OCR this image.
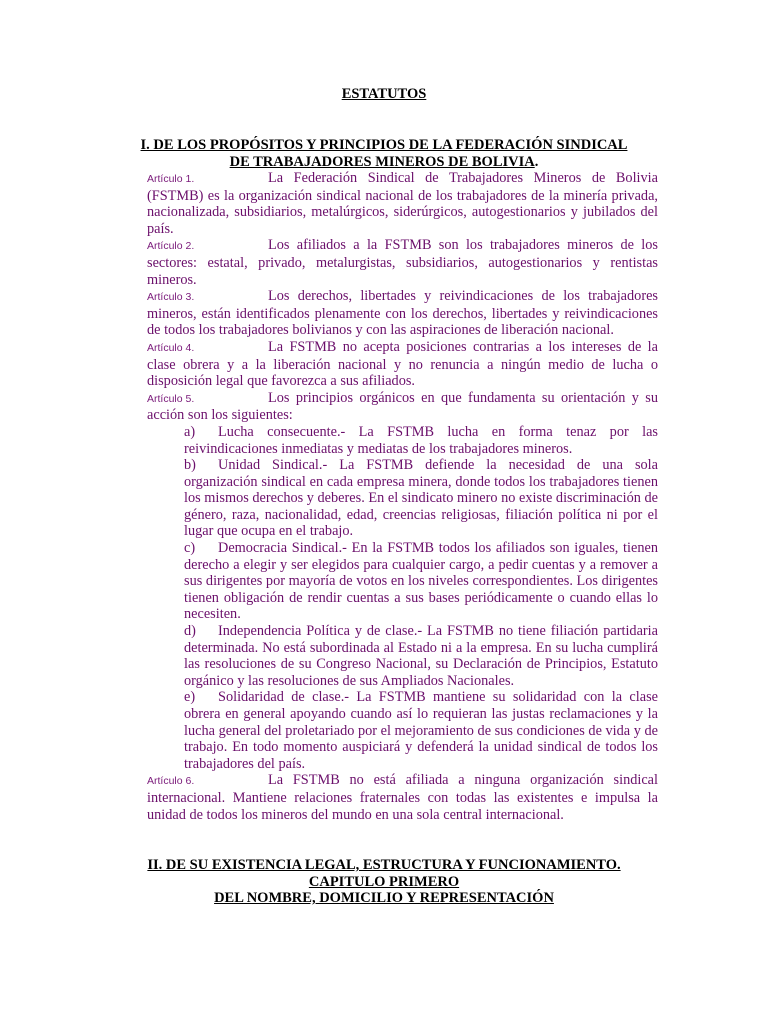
ESTATUTOS
I. DE LOS PROPÓSITOS Y PRINCIPIOS DE LA FEDERACIÓN SINDICAL
DE TRABAJADORES MINEROS DE BOLIVIA.

Artículo 1.	La Federación Sindical de Trabajadores Mineros de Bolivia (FSTMB) es la organización sindical nacional de los trabajadores de la minería privada, nacionalizada, subsidiarios, metalúrgicos, siderúrgicos, autogestionarios y jubilados del país.

Artículo 2.	Los afiliados a la FSTMB son los trabajadores mineros de los sectores: estatal, privado, metalurgistas, subsidiarios, autogestionarios y rentistas mineros.

Artículo 3.	Los derechos, libertades y reivindicaciones de los trabajadores mineros, están identificados plenamente con los derechos, libertades y reivindicaciones de todos los trabajadores bolivianos y con las aspiraciones de liberación nacional.

Artículo 4.	La FSTMB no acepta posiciones contrarias a los intereses de la clase obrera y a la liberación nacional y no renuncia a ningún medio de lucha o disposición legal que favorezca a sus afiliados.

Artículo 5.	Los principios orgánicos en que fundamenta su orientación y su acción son los siguientes:

a) Lucha consecuente.- La FSTMB lucha en forma tenaz por las reivindicaciones inmediatas y mediatas de los trabajadores mineros.

b) Unidad Sindical.- La FSTMB defiende la necesidad de una sola organización sindical en cada empresa minera, donde todos los trabajadores tienen los mismos derechos y deberes. En el sindicato minero no existe discriminación de género, raza, nacionalidad, edad, creencias religiosas, filiación política ni por el lugar que ocupa en el trabajo.

c) Democracia Sindical.- En la FSTMB todos los afiliados son iguales, tienen derecho a elegir y ser elegidos para cualquier cargo, a pedir cuentas y a remover a sus dirigentes por mayoría de votos en los niveles correspondientes. Los dirigentes tienen obligación de rendir cuentas a sus bases periódicamente o cuando ellas lo necesiten.

d) Independencia Política y de clase.- La FSTMB no tiene filiación partidaria determinada. No está subordinada al Estado ni a la empresa. En su lucha cumplirá las resoluciones de su Congreso Nacional, su Declaración de Principios, Estatuto orgánico y las resoluciones de sus Ampliados Nacionales.

e) Solidaridad de clase.- La FSTMB mantiene su solidaridad con la clase obrera en general apoyando cuando así lo requieran las justas reclamaciones y la lucha general del proletariado por el mejoramiento de sus condiciones de vida y de trabajo. En todo momento auspiciará y defenderá la unidad sindical de todos los trabajadores del país.

Artículo 6.	La FSTMB no está afiliada a ninguna organización sindical internacional. Mantiene relaciones fraternales con todas las existentes e impulsa la unidad de todos los mineros del mundo en una sola central internacional.

II. DE SU EXISTENCIA LEGAL, ESTRUCTURA Y FUNCIONAMIENTO.
CAPITULO PRIMERO
DEL NOMBRE, DOMICILIO Y REPRESENTACIÓN
